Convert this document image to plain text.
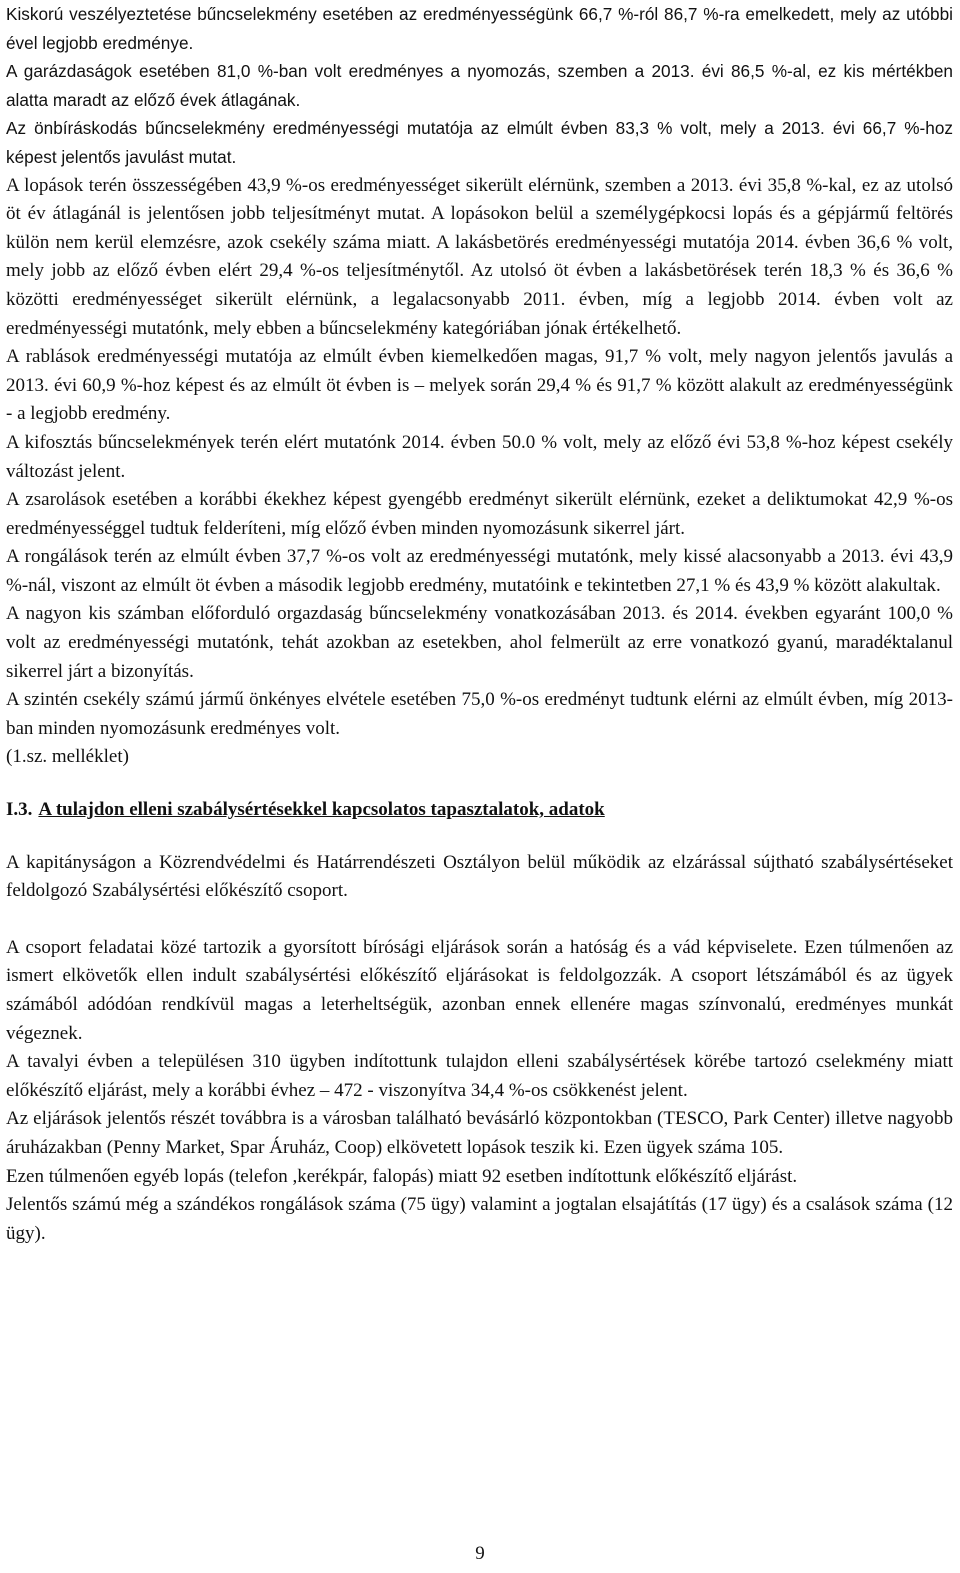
Kiskorú veszélyeztetése bűncselekmény esetében az eredményességünk 66,7 %-ról 86,7 %-ra emelkedett, mely az utóbbi ével legjobb eredménye.

A garázdaságok esetében 81,0 %-ban volt eredményes a nyomozás, szemben a 2013. évi 86,5 %-al, ez kis mértékben alatta maradt az előző évek átlagának.

Az önbíráskodás bűncselekmény eredményességi mutatója az elmúlt évben 83,3 % volt, mely a 2013. évi 66,7 %-hoz képest jelentős javulást mutat.

A lopások terén összességében 43,9 %-os eredményességet sikerült elérnünk, szemben a 2013. évi 35,8 %-kal, ez az utolsó öt év átlagánál is jelentősen jobb teljesítményt mutat. A lopásokon belül a személygépkocsi lopás és a gépjármű feltörés külön nem kerül elemzésre, azok csekély száma miatt. A lakásbetörés eredményességi mutatója 2014. évben 36,6 % volt, mely jobb az előző évben elért 29,4 %-os teljesítménytől. Az utolsó öt évben a lakásbetörések terén 18,3 % és 36,6 % közötti eredményességet sikerült elérnünk, a legalacsonyabb 2011. évben, míg a legjobb 2014. évben volt az eredményességi mutatónk, mely ebben a bűncselekmény kategóriában jónak értékelhető.

A rablások eredményességi mutatója az elmúlt évben kiemelkedően magas, 91,7 % volt, mely nagyon jelentős javulás a 2013. évi 60,9 %-hoz képest és az elmúlt öt évben is – melyek során 29,4 % és 91,7 % között alakult az eredményességünk - a legjobb eredmény.

A kifosztás bűncselekmények terén elért mutatónk 2014. évben 50.0 % volt, mely az előző évi 53,8 %-hoz képest csekély változást jelent.

A zsarolások esetében a korábbi ékekhez képest gyengébb eredményt sikerült elérnünk, ezeket a deliktumokat 42,9 %-os eredményességgel tudtuk felderíteni, míg előző évben minden nyomozásunk sikerrel járt.

A rongálások terén az elmúlt évben 37,7 %-os volt az eredményességi mutatónk, mely kissé alacsonyabb a 2013. évi 43,9 %-nál, viszont az elmúlt öt évben a második legjobb eredmény, mutatóink e tekintetben 27,1 % és 43,9 % között alakultak.

A nagyon kis számban előforduló orgazdaság bűncselekmény vonatkozásában 2013. és 2014. években egyaránt 100,0 % volt az eredményességi mutatónk, tehát azokban az esetekben, ahol felmerült az erre vonatkozó gyanú, maradéktalanul sikerrel járt a bizonyítás.

A szintén csekély számú jármű önkényes elvétele esetében 75,0 %-os eredményt tudtunk elérni az elmúlt évben, míg 2013-ban minden nyomozásunk eredményes volt.

(1.sz. melléklet)

I.3. A tulajdon elleni szabálysértésekkel kapcsolatos tapasztalatok, adatok

A kapitányságon a Közrendvédelmi és Határrendészeti Osztályon belül működik az elzárással sújtható szabálysértéseket feldolgozó Szabálysértési előkészítő csoport.

A csoport feladatai közé tartozik a gyorsított bírósági eljárások során a hatóság és a vád képviselete. Ezen túlmenően az ismert elkövetők ellen indult szabálysértési előkészítő eljárásokat is feldolgozzák. A csoport létszámából és az ügyek számából adódóan rendkívül magas a leterheltségük, azonban ennek ellenére magas színvonalú, eredményes munkát végeznek.

A tavalyi évben a településen 310 ügyben indítottunk tulajdon elleni szabálysértések körébe tartozó cselekmény miatt előkészítő eljárást, mely a korábbi évhez – 472 - viszonyítva 34,4 %-os csökkenést jelent.

Az eljárások jelentős részét továbbra is a városban található bevásárló központokban (TESCO, Park Center) illetve nagyobb áruházakban (Penny Market, Spar Áruház, Coop) elkövetett lopások teszik ki. Ezen ügyek száma 105.

Ezen túlmenően egyéb lopás (telefon ,kerékpár, falopás) miatt 92 esetben indítottunk előkészítő eljárást.

Jelentős számú még a szándékos rongálások száma (75 ügy) valamint a jogtalan elsajátítás (17 ügy) és a csalások száma (12 ügy).

9
